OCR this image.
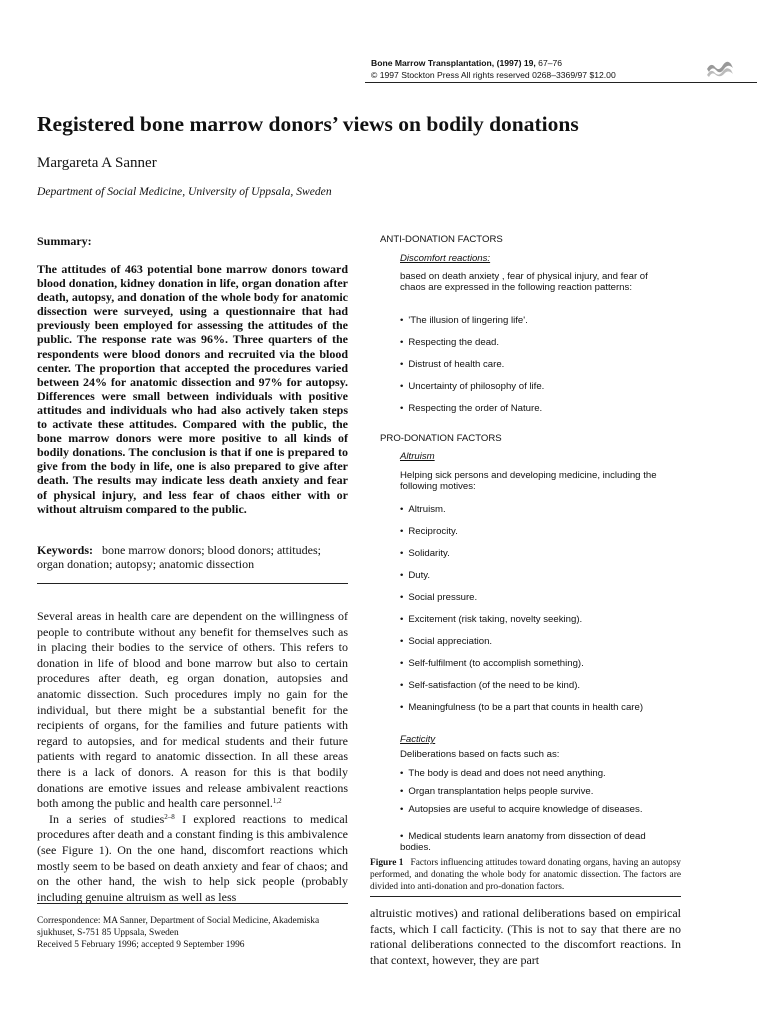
Bone Marrow Transplantation, (1997) 19, 67–76
© 1997 Stockton Press All rights reserved 0268–3369/97 $12.00
Registered bone marrow donors’ views on bodily donations
Margareta A Sanner
Department of Social Medicine, University of Uppsala, Sweden
Summary:
The attitudes of 463 potential bone marrow donors toward blood donation, kidney donation in life, organ donation after death, autopsy, and donation of the whole body for anatomic dissection were surveyed, using a questionnaire that had previously been employed for assessing the attitudes of the public. The response rate was 96%. Three quarters of the respondents were blood donors and recruited via the blood center. The proportion that accepted the procedures varied between 24% for anatomic dissection and 97% for autopsy. Differences were small between individuals with positive attitudes and individuals who had also actively taken steps to activate these attitudes. Compared with the public, the bone marrow donors were more positive to all kinds of bodily donations. The conclusion is that if one is prepared to give from the body in life, one is also prepared to give after death. The results may indicate less death anxiety and fear of physical injury, and less fear of chaos either with or without altruism compared to the public.
Keywords: bone marrow donors; blood donors; attitudes; organ donation; autopsy; anatomic dissection

Several areas in health care are dependent on the willingness of people to contribute without any benefit for themselves such as in placing their bodies to the service of others. This refers to donation in life of blood and bone marrow but also to certain procedures after death, eg organ donation, autopsies and anatomic dissection. Such procedures imply no gain for the individual, but there might be a substantial benefit for the recipients of organs, for the families and future patients with regard to autopsies, and for medical students and their future patients with regard to anatomic dissection. In all these areas there is a lack of donors. A reason for this is that bodily donations are emotive issues and release ambivalent reactions both among the public and health care personnel.$^{1,2}$

In a series of studies$^{2-8}$ I explored reactions to medical procedures after death and a constant finding is this ambivalence (see Figure 1). On the one hand, discomfort reactions which mostly seem to be based on death anxiety and fear of chaos; and on the other hand, the wish to help sick people (probably including genuine altruism as well as less

Correspondence: MA Sanner, Department of Social Medicine, Akademiska sjukhuset, S-751 85 Uppsala, Sweden
Received 5 February 1996; accepted 9 September 1996
ANTI-DONATION FACTORS
Discomfort reactions:
based on death anxiety , fear of physical injury, and fear of chaos are expressed in the following reaction patterns:
• 'The illusion of lingering life'.
• Respecting the dead.
• Distrust of health care.
• Uncertainty of philosophy of life.
• Respecting the order of Nature.
PRO-DONATION FACTORS
Altruism
Helping sick persons and developing medicine, including the following motives:
• Altruism.
• Reciprocity.
• Solidarity.
• Duty.
• Social pressure.
• Excitement (risk taking, novelty seeking).
• Social appreciation.
• Self-fulfilment (to accomplish something).
• Self-satisfaction (of the need to be kind).
• Meaningfulness (to be a part that counts in health care)
Facticity
Deliberations based on facts such as:
• The body is dead and does not need anything.
• Organ transplantation helps people survive.
• Autopsies are useful to acquire knowledge of diseases.
• Medical students learn anatomy from dissection of dead bodies.
Figure 1 Factors influencing attitudes toward donating organs, having an autopsy performed, and donating the whole body for anatomic dissection. The factors are divided into anti-donation and pro-donation factors.
altruistic motives) and rational deliberations based on empirical facts, which I call facticity. (This is not to say that there are no rational deliberations connected to the discomfort reactions. In that context, however, they are part
